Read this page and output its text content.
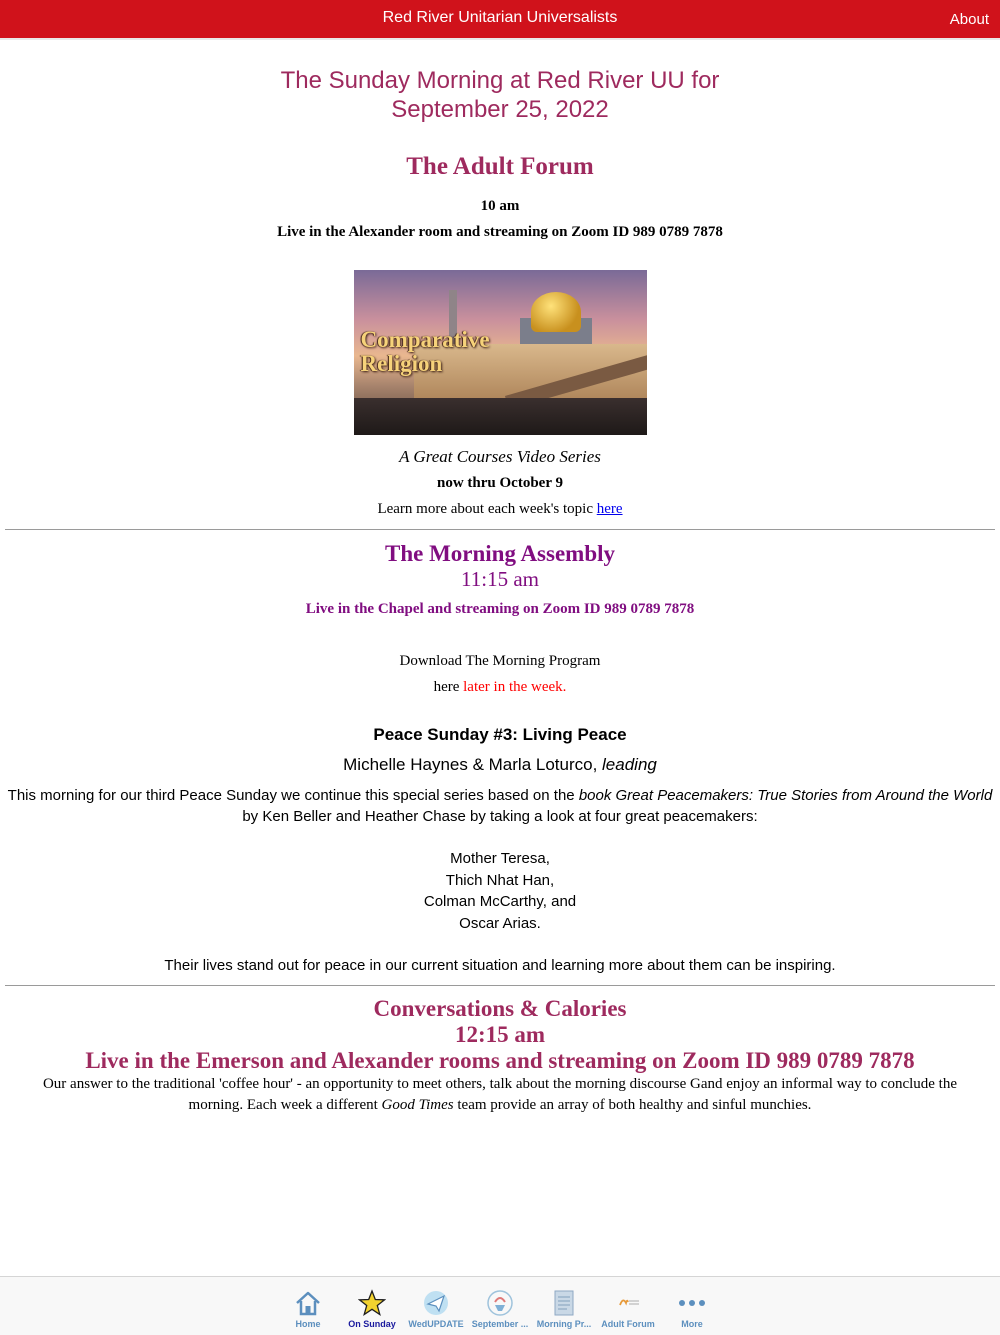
Red River Unitarian Universalists	About
The Sunday Morning at Red River UU for
September 25, 2022
The Adult Forum
10 am
Live in the Alexander room and streaming on Zoom ID 989 0789 7878
Comparative
Religion
A Great Courses Video Series
now thru October 9
Learn more about each week's topic here
The Morning Assembly
11:15 am
Live in the Chapel and streaming on Zoom ID 989 0789 7878
Download The Morning Program
here later in the week.
Peace Sunday #3: Living Peace
Michelle Haynes & Marla Loturco, leading
This morning for our third Peace Sunday we continue this special series based on the book Great Peacemakers: True Stories from Around the World by Ken Beller and Heather Chase by taking a look at four great peacemakers:
Mother Teresa,
Thich Nhat Han,
Colman McCarthy, and
Oscar Arias.
Their lives stand out for peace in our current situation and learning more about them can be inspiring.
Conversations & Calories
12:15 am
Live in the Emerson and Alexander rooms and streaming on Zoom ID 989 0789 7878
Our answer to the traditional 'coffee hour' - an opportunity to meet others, talk about the morning discourse Gand enjoy an informal way to conclude the morning. Each week a different Good Times team provide an array of both healthy and sinful munchies.
Home	On Sunday	WedUPDATE September ... Morning Pr...	Adult Forum	More
